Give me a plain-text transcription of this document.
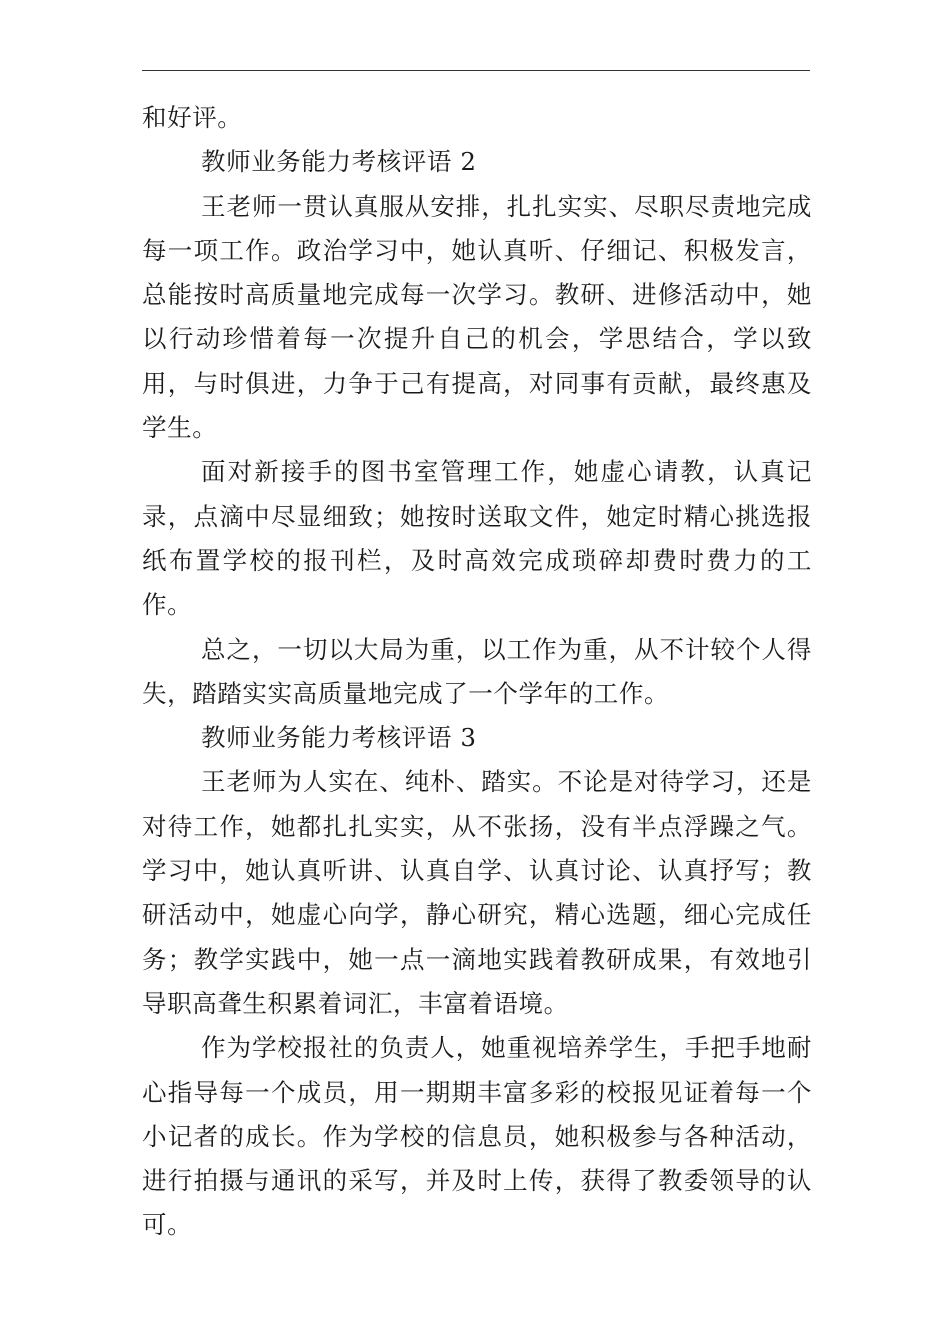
和好评。

教师业务能力考核评语 2

王老师一贯认真服从安排，扎扎实实、尽职尽责地完成每一项工作。政治学习中，她认真听、仔细记、积极发言，总能按时高质量地完成每一次学习。教研、进修活动中，她以行动珍惜着每一次提升自己的机会，学思结合，学以致用，与时俱进，力争于己有提高，对同事有贡献，最终惠及学生。

面对新接手的图书室管理工作，她虚心请教，认真记录，点滴中尽显细致；她按时送取文件，她定时精心挑选报纸布置学校的报刊栏，及时高效完成琐碎却费时费力的工作。

总之，一切以大局为重，以工作为重，从不计较个人得失，踏踏实实高质量地完成了一个学年的工作。

教师业务能力考核评语 3

王老师为人实在、纯朴、踏实。不论是对待学习，还是对待工作，她都扎扎实实，从不张扬，没有半点浮躁之气。学习中，她认真听讲、认真自学、认真讨论、认真抒写；教研活动中，她虚心向学，静心研究，精心选题，细心完成任务；教学实践中，她一点一滴地实践着教研成果，有效地引导职高聋生积累着词汇，丰富着语境。

作为学校报社的负责人，她重视培养学生，手把手地耐心指导每一个成员，用一期期丰富多彩的校报见证着每一个小记者的成长。作为学校的信息员，她积极参与各种活动，进行拍摄与通讯的采写，并及时上传，获得了教委领导的认可。
